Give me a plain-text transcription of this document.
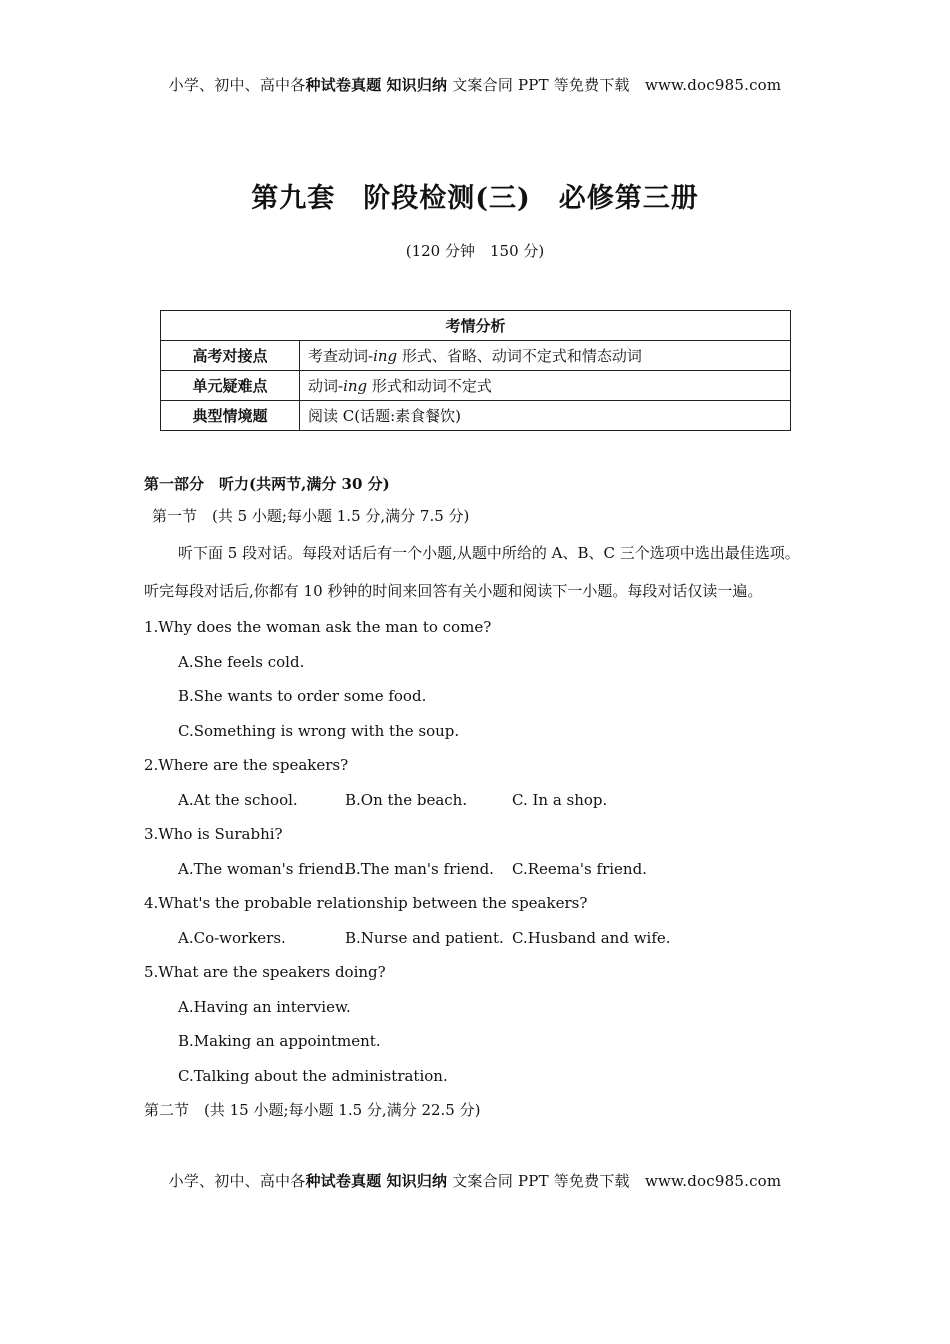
小学、初中、高中各种试卷真题 知识归纳 文案合同 PPT 等免费下载　www.doc985.com
第九套　阶段检测(三)　必修第三册
(120 分钟　150 分)
考情分析	
高考对接点	考查动词-ing 形式、省略、动词不定式和情态动词
单元疑难点	动词-ing 形式和动词不定式
典型情境题	阅读 C(话题:素食餐饮)

第一部分　听力(共两节,满分 30 分)

第一节　(共 5 小题;每小题 1.5 分,满分 7.5 分)

听下面 5 段对话。每段对话后有一个小题,从题中所给的 A、B、C 三个选项中选出最佳选项。听完每段对话后,你都有 10 秒钟的时间来回答有关小题和阅读下一小题。每段对话仅读一遍。

1.Why does the woman ask the man to come?

A.She feels cold.

B.She wants to order some food.

C.Something is wrong with the soup.

2.Where are the speakers?

A.At the school.	B.On the beach.	C. In a shop.

3.Who is Surabhi?

A.The woman's friend.
B.The man's friend.	C.Reema's friend.

4.What's the probable relationship between the speakers?

A.Co-workers.	B.Nurse and patient. C.Husband and wife.

5.What are the speakers doing?

A.Having an interview.

B.Making an appointment.

C.Talking about the administration.

第二节　(共 15 小题;每小题 1.5 分,满分 22.5 分)

小学、初中、高中各种试卷真题 知识归纳 文案合同 PPT 等免费下载　www.doc985.com
